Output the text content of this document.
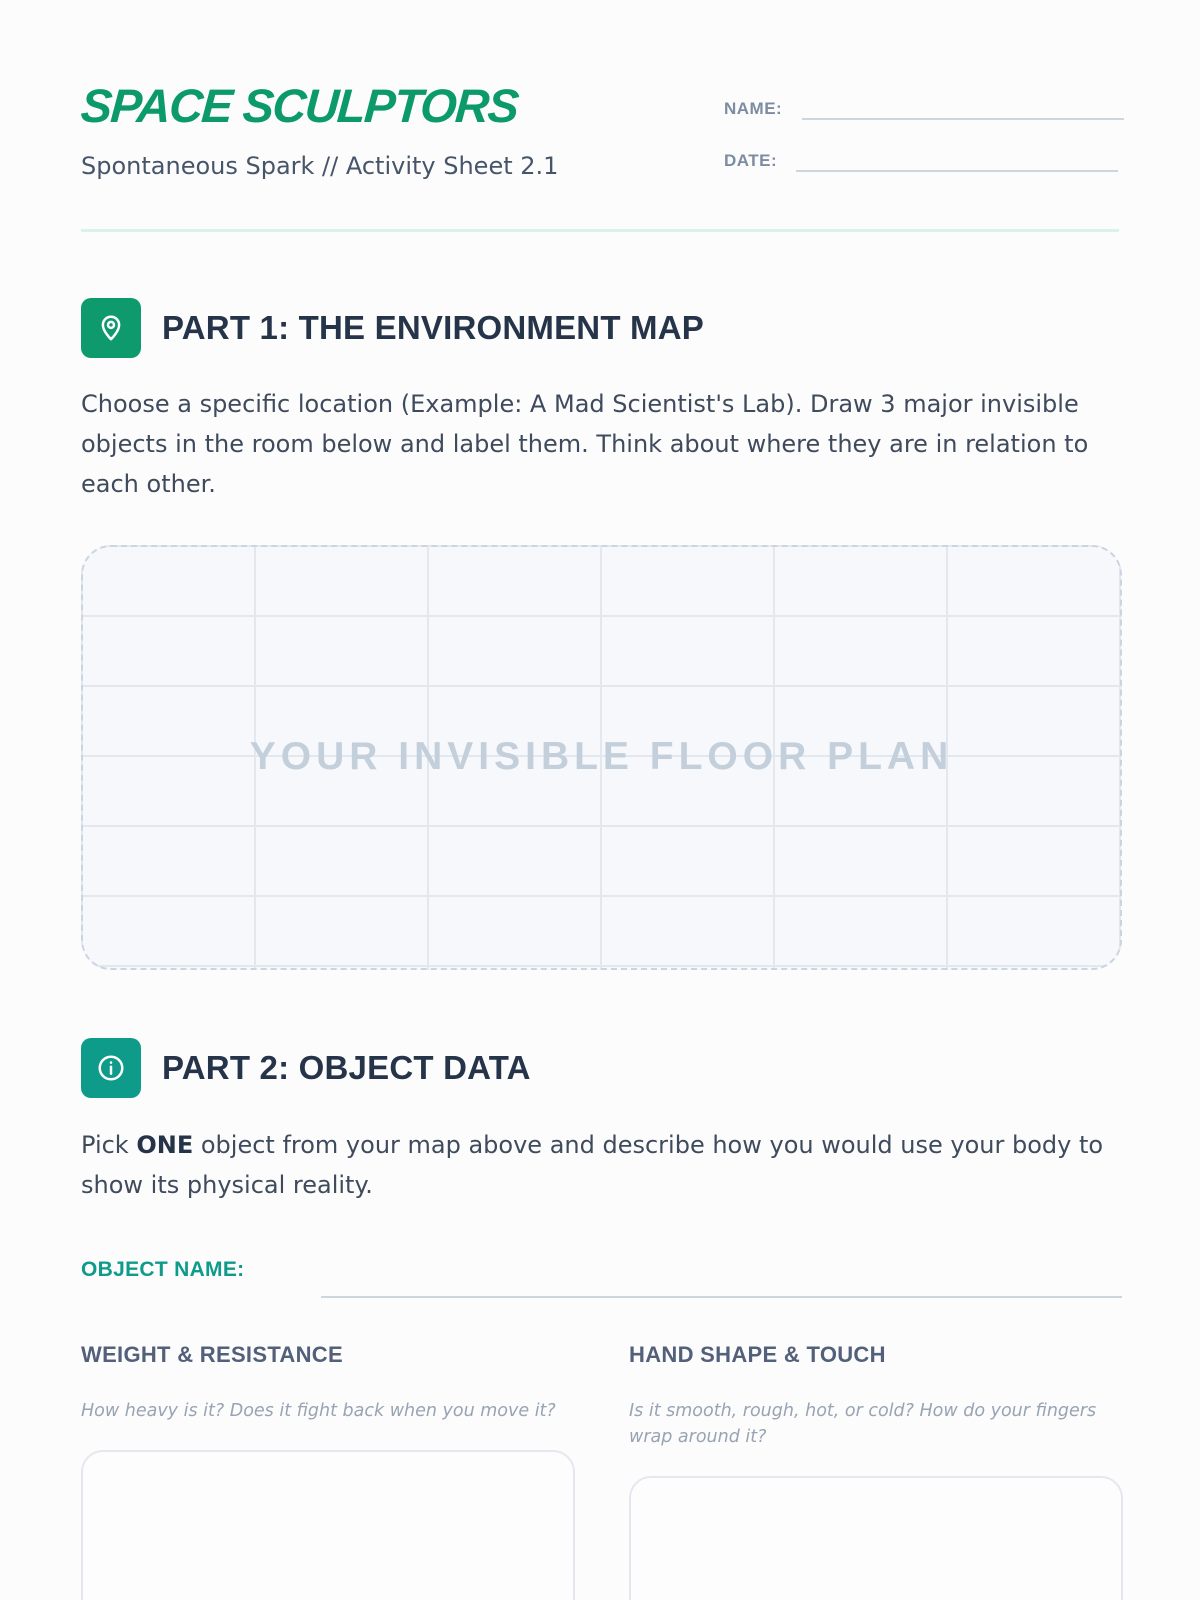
SPACE SCULPTORS
Spontaneous Spark // Activity Sheet 2.1
NAME:
DATE:
PART 1: THE ENVIRONMENT MAP

Choose a specific location (Example: A Mad Scientist's Lab). Draw 3 major invisible objects in the room below and label them. Think about where they are in relation to each other.

YOUR INVISIBLE FLOOR PLAN
PART 2: OBJECT DATA

Pick ONE object from your map above and describe how you would use your body to show its physical reality.

OBJECT NAME:
WEIGHT & RESISTANCE
How heavy is it? Does it fight back when you move it?
HAND SHAPE & TOUCH
Is it smooth, rough, hot, or cold? How do your fingers wrap around it?
